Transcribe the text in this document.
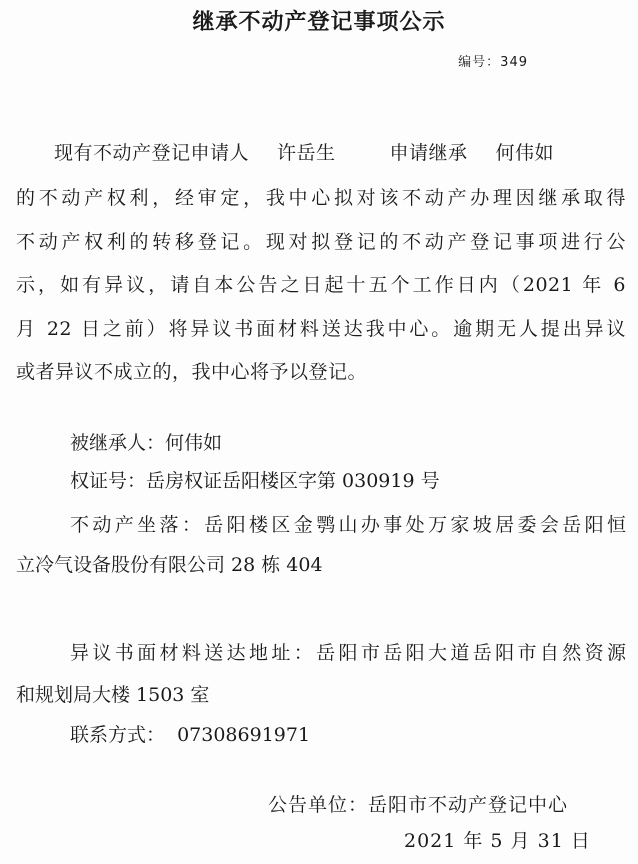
继承不动产登记事项公示
编号：349
现有不动产登记申请人 许岳生	申请继承 何伟如
的不动产权利，经审定，我中心拟对该不动产办理因继承取得
不动产权利的转移登记。现对拟登记的不动产登记事项进行公
示，如有异议，请自本公告之日起十五个工作日内（2021 年 6
月 22 日之前）将异议书面材料送达我中心。逾期无人提出异议
或者异议不成立的，我中心将予以登记。
被继承人：何伟如
权证号：岳房权证岳阳楼区字第 030919 号
不动产坐落：岳阳楼区金鹗山办事处万家坡居委会岳阳恒
立冷气设备股份有限公司 28 栋 404
异议书面材料送达地址：岳阳市岳阳大道岳阳市自然资源
和规划局大楼 1503 室
联系方式：  07308691971
公告单位：岳阳市不动产登记中心
2021 年 5 月 31 日
